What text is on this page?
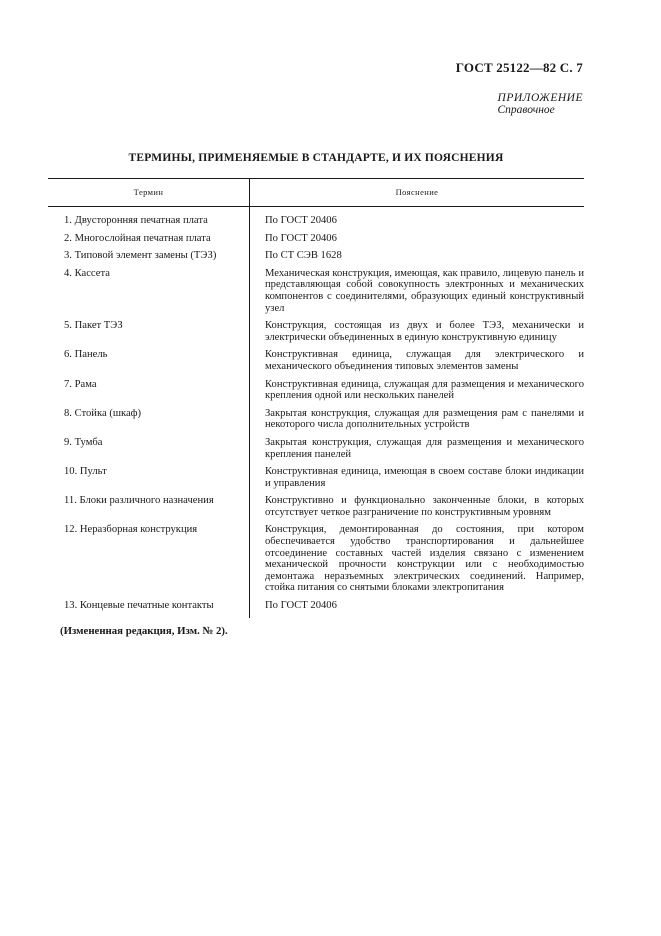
ГОСТ 25122—82 С. 7
ПРИЛОЖЕНИЕ
Справочное
ТЕРМИНЫ, ПРИМЕНЯЕМЫЕ В СТАНДАРТЕ, И ИХ ПОЯСНЕНИЯ
Термин	Пояснение
1. Двусторонняя печатная плата	По ГОСТ 20406
2. Многослойная печатная плата	По ГОСТ 20406
3. Типовой элемент замены (ТЭЗ)	По СТ СЭВ 1628
4. Кассета	Механическая конструкция, имеющая, как правило, лицевую панель и представляющая собой совокупность электронных и механических компонентов с соединителями, образующих единый конструктивный узел
5. Пакет ТЭЗ	Конструкция, состоящая из двух и более ТЭЗ, механически и электрически объединенных в единую конструктивную единицу
6. Панель	Конструктивная единица, служащая для электрического и механического объединения типовых элементов замены
7. Рама	Конструктивная единица, служащая для размещения и механического крепления одной или нескольких панелей
8. Стойка (шкаф)	Закрытая конструкция, служащая для размещения рам с панелями и некоторого числа дополнительных устройств
9. Тумба	Закрытая конструкция, служащая для размещения и механического крепления панелей
10. Пульт	Конструктивная единица, имеющая в своем составе блоки индикации и управления
11. Блоки различного назначения	Конструктивно и функционально законченные блоки, в которых отсутствует четкое разграничение по конструктивным уровням
12. Неразборная конструкция	Конструкция, демонтированная до состояния, при котором обеспечивается удобство транспортирования и дальнейшее отсоединение составных частей изделия связано с изменением механической прочности конструкции или с необходимостью демонтажа неразъемных электрических соединений. Например, стойка питания со снятыми блоками электропитания
13. Концевые печатные контакты	По ГОСТ 20406
(Измененная редакция, Изм. № 2).
